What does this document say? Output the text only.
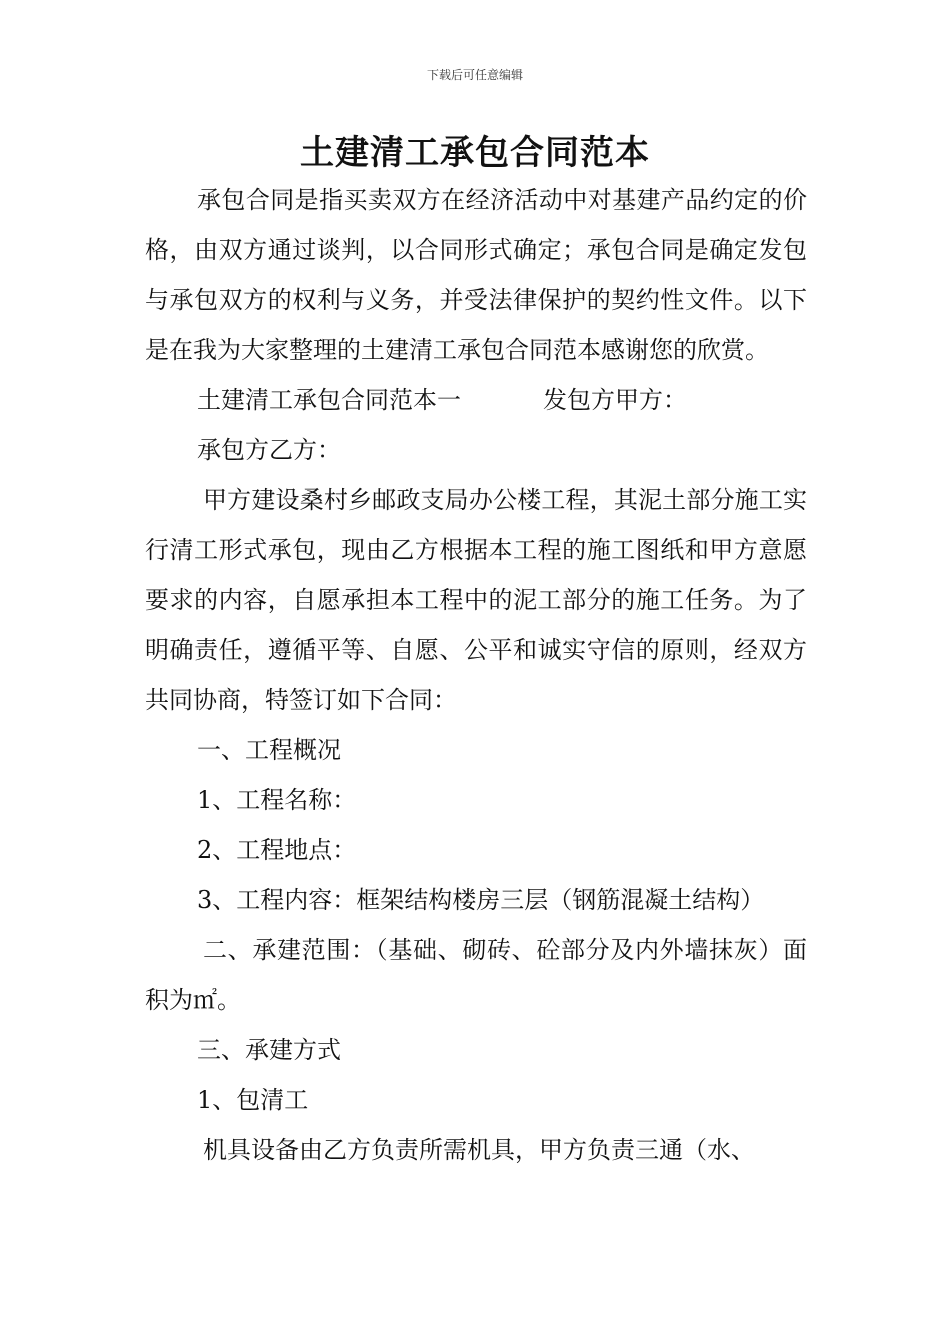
下载后可任意编辑
土建清工承包合同范本

承包合同是指买卖双方在经济活动中对基建产品约定的价格，由双方通过谈判，以合同形式确定；承包合同是确定发包与承包双方的权利与义务，并受法律保护的契约性文件。以下是在我为大家整理的土建清工承包合同范本感谢您的欣赏。

土建清工承包合同范本一	发包方甲方：

承包方乙方：

甲方建设桑村乡邮政支局办公楼工程，其泥土部分施工实行清工形式承包，现由乙方根据本工程的施工图纸和甲方意愿要求的内容，自愿承担本工程中的泥工部分的施工任务。为了明确责任，遵循平等、自愿、公平和诚实守信的原则，经双方共同协商，特签订如下合同：

一、工程概况

1、工程名称：

2、工程地点：

3、工程内容：框架结构楼房三层（钢筋混凝土结构）

二、承建范围：（基础、砌砖、砼部分及内外墙抹灰）面积为㎡。

三、承建方式

1、包清工

机具设备由乙方负责所需机具，甲方负责三通（水、
